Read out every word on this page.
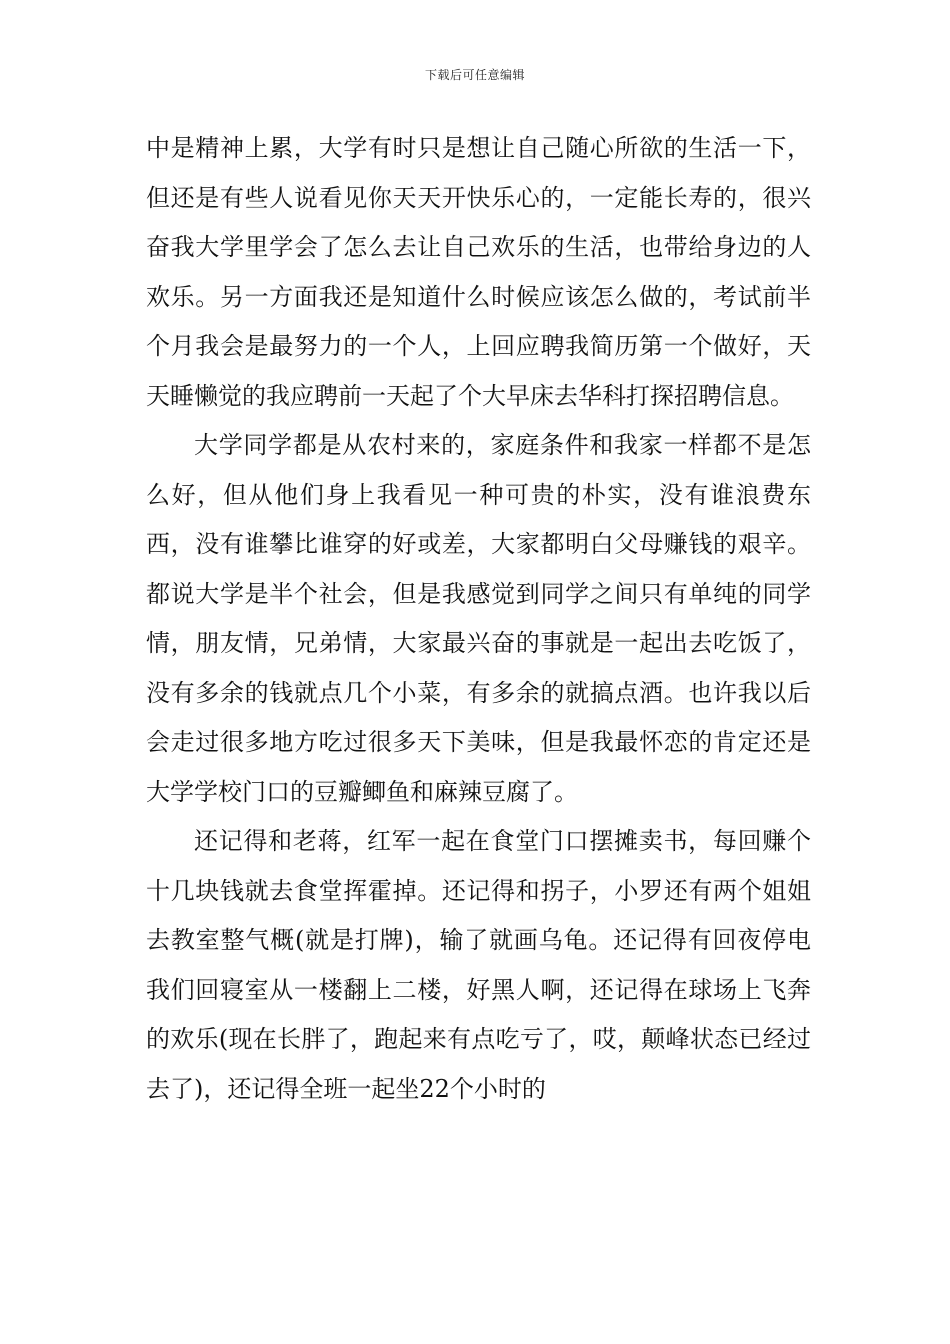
下载后可任意编辑

中是精神上累，大学有时只是想让自己随心所欲的生活一下，但还是有些人说看见你天天开快乐心的，一定能长寿的，很兴奋我大学里学会了怎么去让自己欢乐的生活，也带给身边的人欢乐。另一方面我还是知道什么时候应该怎么做的，考试前半个月我会是最努力的一个人，上回应聘我简历第一个做好，天天睡懒觉的我应聘前一天起了个大早床去华科打探招聘信息。

大学同学都是从农村来的，家庭条件和我家一样都不是怎么好，但从他们身上我看见一种可贵的朴实，没有谁浪费东西，没有谁攀比谁穿的好或差，大家都明白父母赚钱的艰辛。都说大学是半个社会，但是我感觉到同学之间只有单纯的同学情，朋友情，兄弟情，大家最兴奋的事就是一起出去吃饭了，没有多余的钱就点几个小菜，有多余的就搞点酒。也许我以后会走过很多地方吃过很多天下美味，但是我最怀恋的肯定还是大学学校门口的豆瓣鲫鱼和麻辣豆腐了。

还记得和老蒋，红军一起在食堂门口摆摊卖书，每回赚个十几块钱就去食堂挥霍掉。还记得和拐子，小罗还有两个姐姐去教室整气概(就是打牌)，输了就画乌龟。还记得有回夜停电我们回寝室从一楼翻上二楼，好黑人啊，还记得在球场上飞奔的欢乐(现在长胖了，跑起来有点吃亏了，哎，颠峰状态已经过去了)，还记得全班一起坐22个小时的
